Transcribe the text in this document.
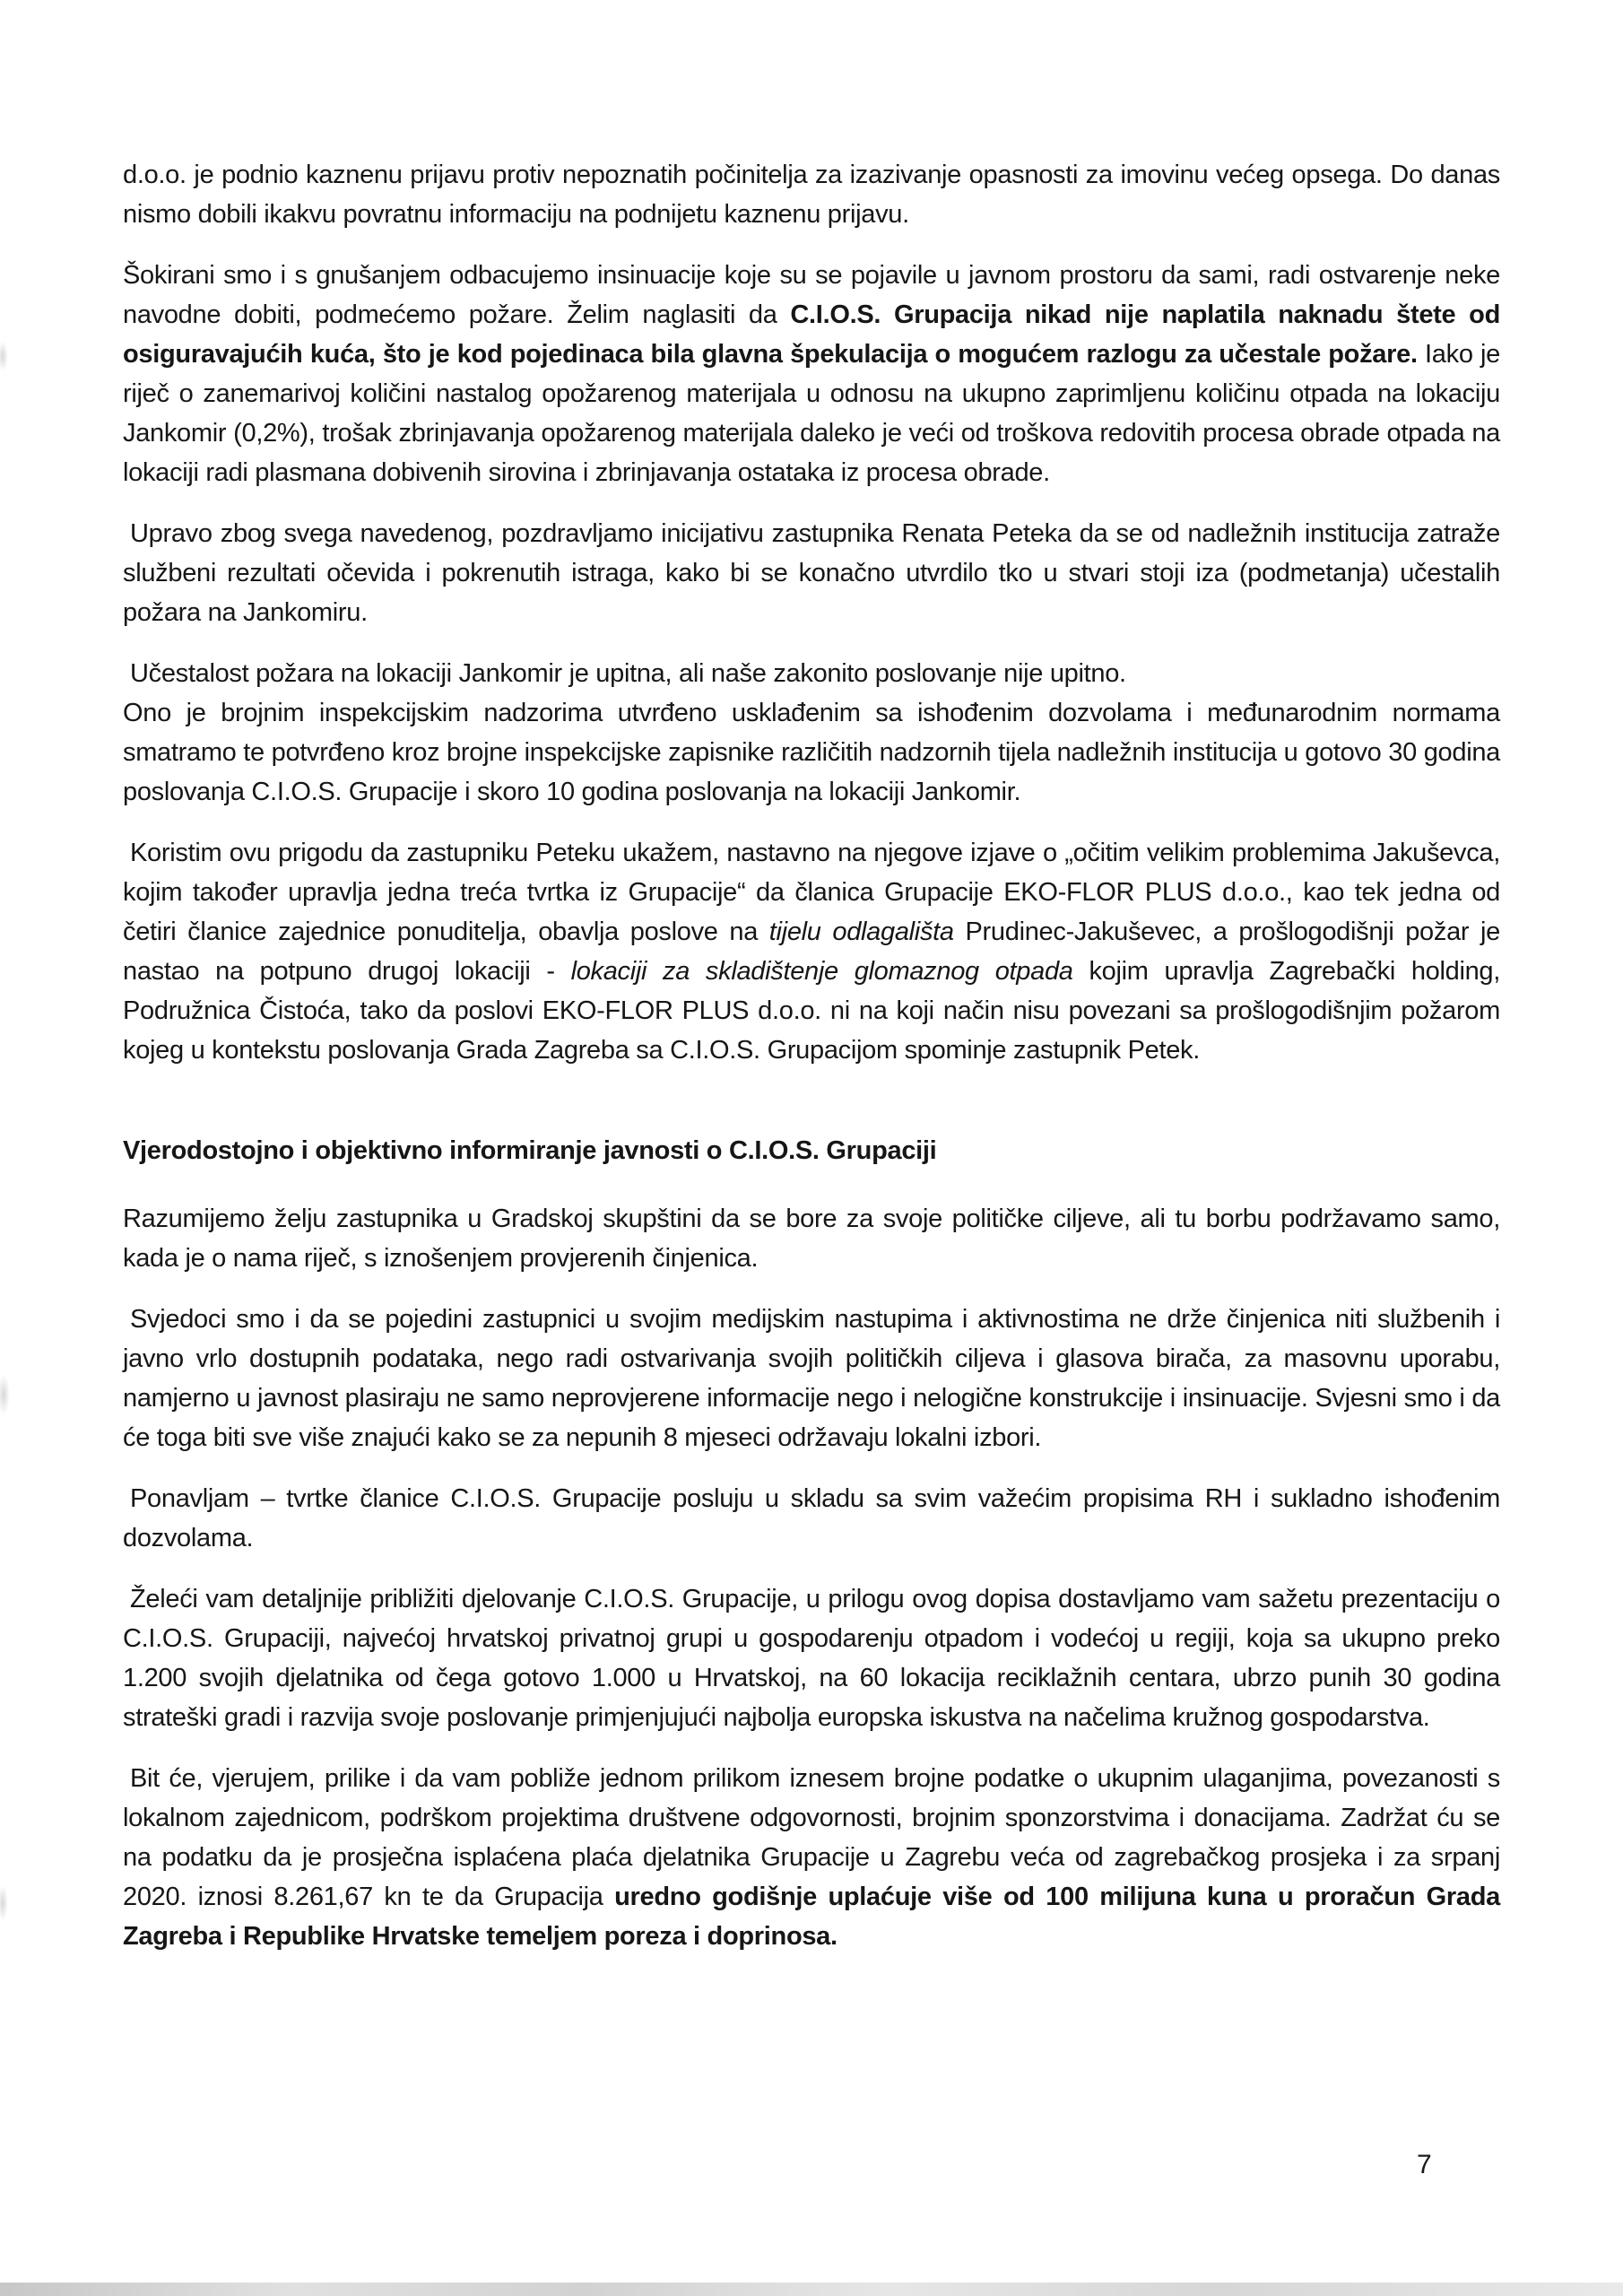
d.o.o. je podnio kaznenu prijavu protiv nepoznatih počinitelja za izazivanje opasnosti za imovinu većeg opsega. Do danas nismo dobili ikakvu povratnu informaciju na podnijetu kaznenu prijavu.

Šokirani smo i s gnušanjem odbacujemo insinuacije koje su se pojavile u javnom prostoru da sami, radi ostvarenje neke navodne dobiti, podmećemo požare. Želim naglasiti da C.I.O.S. Grupacija nikad nije naplatila naknadu štete od osiguravajućih kuća, što je kod pojedinaca bila glavna špekulacija o mogućem razlogu za učestale požare. Iako je riječ o zanemarivoj količini nastalog opožarenog materijala u odnosu na ukupno zaprimljenu količinu otpada na lokaciju Jankomir (0,2%), trošak zbrinjavanja opožarenog materijala daleko je veći od troškova redovitih procesa obrade otpada na lokaciji radi plasmana dobivenih sirovina i zbrinjavanja ostataka iz procesa obrade.

Upravo zbog svega navedenog, pozdravljamo inicijativu zastupnika Renata Peteka da se od nadležnih institucija zatraže službeni rezultati očevida i pokrenutih istraga, kako bi se konačno utvrdilo tko u stvari stoji iza (podmetanja) učestalih požara na Jankomiru.

Učestalost požara na lokaciji Jankomir je upitna, ali naše zakonito poslovanje nije upitno.
Ono je brojnim inspekcijskim nadzorima utvrđeno usklađenim sa ishođenim dozvolama i međunarodnim normama smatramo te potvrđeno kroz brojne inspekcijske zapisnike različitih nadzornih tijela nadležnih institucija u gotovo 30 godina poslovanja C.I.O.S. Grupacije i skoro 10 godina poslovanja na lokaciji Jankomir.

Koristim ovu prigodu da zastupniku Peteku ukažem, nastavno na njegove izjave o „očitim velikim problemima Jakuševca, kojim također upravlja jedna treća tvrtka iz Grupacije“ da članica Grupacije EKO-FLOR PLUS d.o.o., kao tek jedna od četiri članice zajednice ponuditelja, obavlja poslove na tijelu odlagališta Prudinec-Jakuševec, a prošlogodišnji požar je nastao na potpuno drugoj lokaciji - lokaciji za skladištenje glomaznog otpada kojim upravlja Zagrebački holding, Podružnica Čistoća, tako da poslovi EKO-FLOR PLUS d.o.o. ni na koji način nisu povezani sa prošlogodišnjim požarom kojeg u kontekstu poslovanja Grada Zagreba sa C.I.O.S. Grupacijom spominje zastupnik Petek.

Vjerodostojno i objektivno informiranje javnosti o C.I.O.S. Grupaciji

Razumijemo želju zastupnika u Gradskoj skupštini da se bore za svoje političke ciljeve, ali tu borbu podržavamo samo, kada je o nama riječ, s iznošenjem provjerenih činjenica.

Svjedoci smo i da se pojedini zastupnici u svojim medijskim nastupima i aktivnostima ne drže činjenica niti službenih i javno vrlo dostupnih podataka, nego radi ostvarivanja svojih političkih ciljeva i glasova birača, za masovnu uporabu, namjerno u javnost plasiraju ne samo neprovjerene informacije nego i nelogične konstrukcije i insinuacije. Svjesni smo i da će toga biti sve više znajući kako se za nepunih 8 mjeseci održavaju lokalni izbori.

Ponavljam – tvrtke članice C.I.O.S. Grupacije posluju u skladu sa svim važećim propisima RH i sukladno ishođenim dozvolama.

Želeći vam detaljnije približiti djelovanje C.I.O.S. Grupacije, u prilogu ovog dopisa dostavljamo vam sažetu prezentaciju o C.I.O.S. Grupaciji, najvećoj hrvatskoj privatnoj grupi u gospodarenju otpadom i vodećoj u regiji, koja sa ukupno preko 1.200 svojih djelatnika od čega gotovo 1.000 u Hrvatskoj, na 60 lokacija reciklažnih centara, ubrzo punih 30 godina strateški gradi i razvija svoje poslovanje primjenjujući najbolja europska iskustva na načelima kružnog gospodarstva.

Bit će, vjerujem, prilike i da vam pobliže jednom prilikom iznesem brojne podatke o ukupnim ulaganjima, povezanosti s lokalnom zajednicom, podrškom projektima društvene odgovornosti, brojnim sponzorstvima i donacijama. Zadržat ću se na podatku da je prosječna isplaćena plaća djelatnika Grupacije u Zagrebu veća od zagrebačkog prosjeka i za srpanj 2020. iznosi 8.261,67 kn te da Grupacija uredno godišnje uplaćuje više od 100 milijuna kuna u proračun Grada Zagreba i Republike Hrvatske temeljem poreza i doprinosa.

7
